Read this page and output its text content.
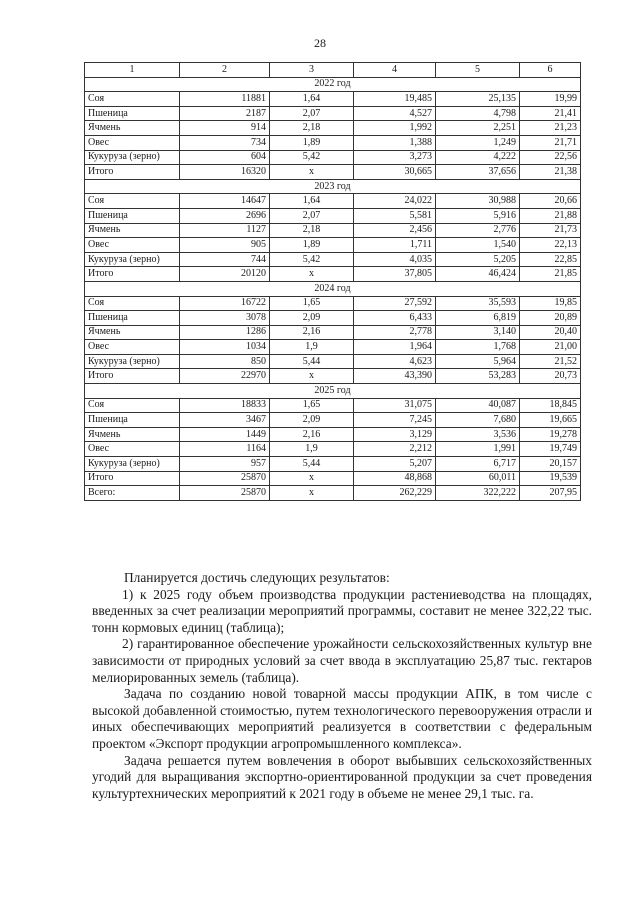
28
1	2	3	4	5	6
2022 год					
Соя	11881	1,64	19,485	25,135	19,99
Пшеница	2187	2,07	4,527	4,798	21,41
Ячмень	914	2,18	1,992	2,251	21,23
Овес	734	1,89	1,388	1,249	21,71
Кукуруза (зерно)	604	5,42	3,273	4,222	22,56
Итого	16320	х	30,665	37,656	21,38
2023 год					
Соя	14647	1,64	24,022	30,988	20,66
Пшеница	2696	2,07	5,581	5,916	21,88
Ячмень	1127	2,18	2,456	2,776	21,73
Овес	905	1,89	1,711	1,540	22,13
Кукуруза (зерно)	744	5,42	4,035	5,205	22,85
Итого	20120	х	37,805	46,424	21,85
2024 год					
Соя	16722	1,65	27,592	35,593	19,85
Пшеница	3078	2,09	6,433	6,819	20,89
Ячмень	1286	2,16	2,778	3,140	20,40
Овес	1034	1,9	1,964	1,768	21,00
Кукуруза (зерно)	850	5,44	4,623	5,964	21,52
Итого	22970	х	43,390	53,283	20,73
2025 год					
Соя	18833	1,65	31,075	40,087	18,845
Пшеница	3467	2,09	7,245	7,680	19,665
Ячмень	1449	2,16	3,129	3,536	19,278
Овес	1164	1,9	2,212	1,991	19,749
Кукуруза (зерно)	957	5,44	5,207	6,717	20,157
Итого	25870	х	48,868	60,011	19,539
Всего:	25870	х	262,229	322,222	207,95

Планируется достичь следующих результатов:

1) к 2025 году объем производства продукции растениеводства на площадях, введенных за счет реализации мероприятий программы, составит не менее 322,22 тыс. тонн кормовых единиц (таблица);

2) гарантированное обеспечение урожайности сельскохозяйственных культур вне зависимости от природных условий за счет ввода в эксплуатацию 25,87 тыс. гектаров мелиорированных земель (таблица).

Задача по созданию новой товарной массы продукции АПК, в том числе с высокой добавленной стоимостью, путем технологического перевооружения отрасли и иных обеспечивающих мероприятий реализуется в соответствии с федеральным проектом «Экспорт продукции агропромышленного комплекса».

Задача решается путем вовлечения в оборот выбывших сельскохозяйственных угодий для выращивания экспортно-ориентированной продукции за счет проведения культуртехнических мероприятий к 2021 году в объеме не менее 29,1 тыс. га.
